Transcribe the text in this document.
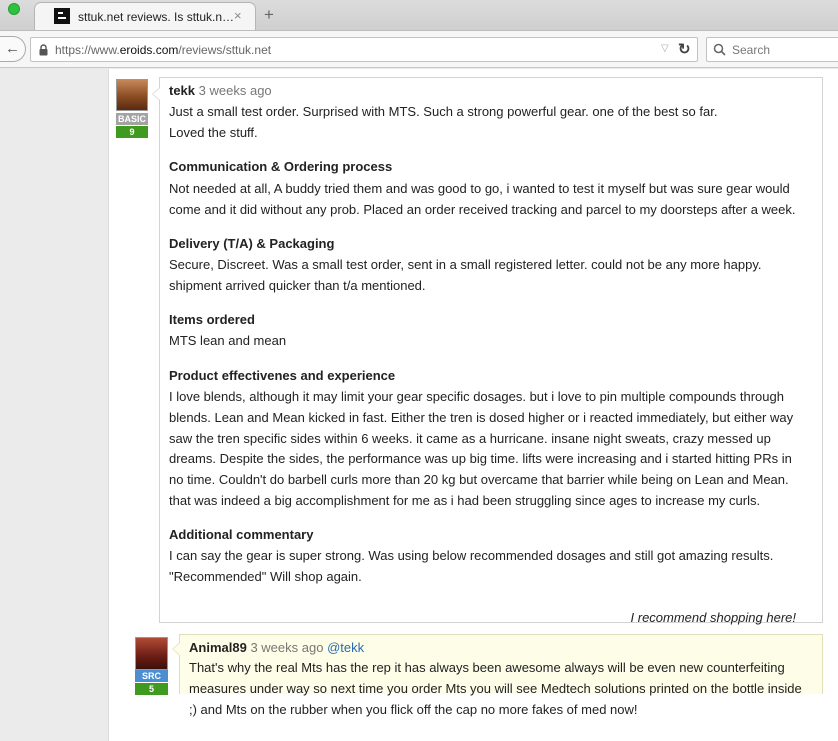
sttuk.net reviews. Is sttuk.n… × +
←	https://www.eroids.com/reviews/sttuk.net	▽ ↻	Search
BASIC
9
I recommend shopping here!
tekk 3 weeks ago
Just a small test order. Surprised with MTS. Such a strong powerful gear. one of the best so far.
Loved the stuff.
Communication & Ordering process
Not needed at all, A buddy tried them and was good to go, i wanted to test it myself but was sure gear would
come and it did without any prob. Placed an order received tracking and parcel to my doorsteps after a week.
Delivery (T/A) & Packaging
Secure, Discreet. Was a small test order, sent in a small registered letter. could not be any more happy.
shipment arrived quicker than t/a mentioned.
Items ordered
MTS lean and mean
Product effectivenes and experience
I love blends, although it may limit your gear specific dosages. but i love to pin multiple compounds through
blends. Lean and Mean kicked in fast. Either the tren is dosed higher or i reacted immediately, but either way
saw the tren specific sides within 6 weeks. it came as a hurricane. insane night sweats, crazy messed up
dreams. Despite the sides, the performance was up big time. lifts were increasing and i started hitting PRs in
no time. Couldn't do barbell curls more than 20 kg but overcame that barrier while being on Lean and Mean.
that was indeed a big accomplishment for me as i had been struggling since ages to increase my curls.
Additional commentary
I can say the gear is super strong. Was using below recommended dosages and still got amazing results.
"Recommended" Will shop again.
SRC
5
Animal89 3 weeks ago @tekk
That's why the real Mts has the rep it has always been awesome always will be even new counterfeiting
measures under way so next time you order Mts you will see Medtech solutions printed on the bottle inside
;) and Mts on the rubber when you flick off the cap no more fakes of med now!
